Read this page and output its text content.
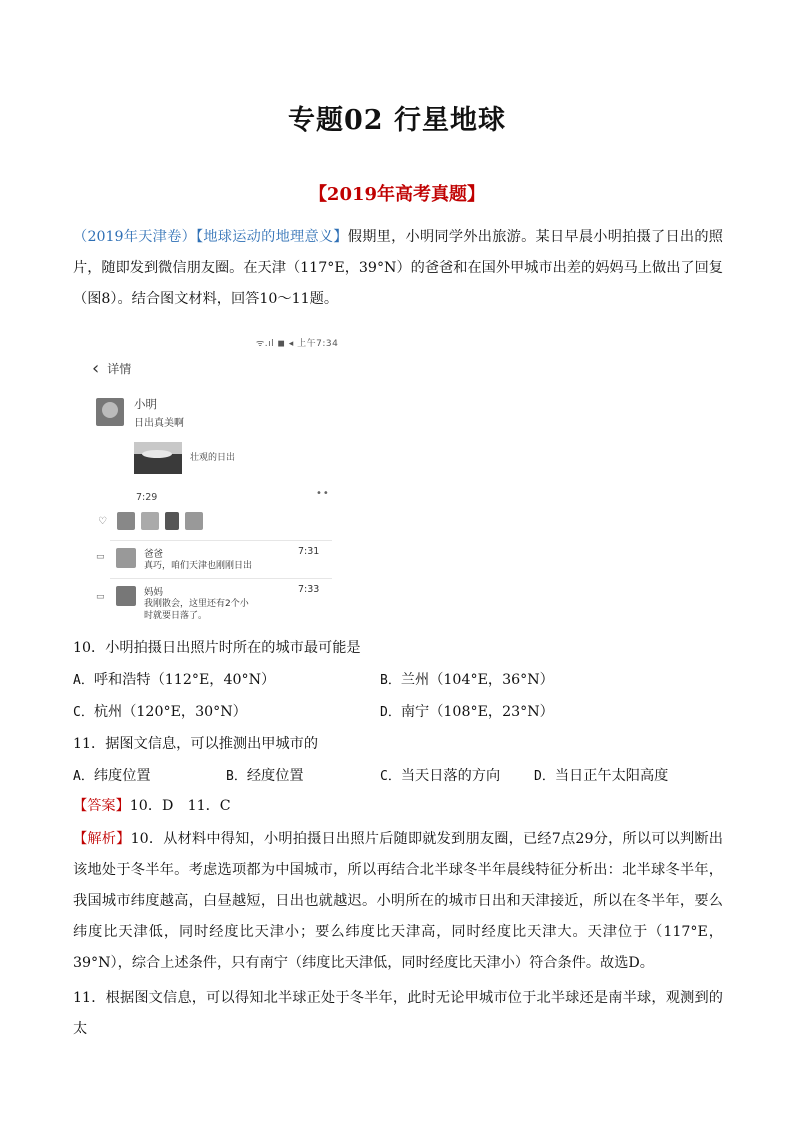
专题02 行星地球
【2019年高考真题】
（2019年天津卷）【地球运动的地理意义】假期里，小明同学外出旅游。某日早晨小明拍摄了日出的照片，随即发到微信朋友圈。在天津（117°E，39°N）的爸爸和在国外甲城市出差的妈妈马上做出了回复（图8）。结合图文材料，回答10～11题。
ᯤ.ıl ◼ ◂ 上午7:34
‹ 详情
小明
日出真美啊
壮观的日出
7:29	••
♡
▭	爸爸
真巧，咱们天津也刚刚日出
7:31
▭	妈妈
我刚散会，这里还有2个小时就要日落了。
7:33
10．小明拍摄日出照片时所在的城市最可能是
A．呼和浩特（112°E，40°N）	B．兰州（104°E，36°N）
C．杭州（120°E，30°N）	D．南宁（108°E，23°N）
11．据图文信息，可以推测出甲城市的
A．纬度位置	B．经度位置	C．当天日落的方向	D．当日正午太阳高度
【答案】10．D　11．C
【解析】10．从材料中得知，小明拍摄日出照片后随即就发到朋友圈，已经7点29分，所以可以判断出该地处于冬半年。考虑选项都为中国城市，所以再结合北半球冬半年晨线特征分析出：北半球冬半年，我国城市纬度越高，白昼越短，日出也就越迟。小明所在的城市日出和天津接近，所以在冬半年，要么纬度比天津低，同时经度比天津小；要么纬度比天津高，同时经度比天津大。天津位于（117°E，39°N），综合上述条件，只有南宁（纬度比天津低，同时经度比天津小）符合条件。故选D。
11．根据图文信息，可以得知北半球正处于冬半年，此时无论甲城市位于北半球还是南半球，观测到的太
